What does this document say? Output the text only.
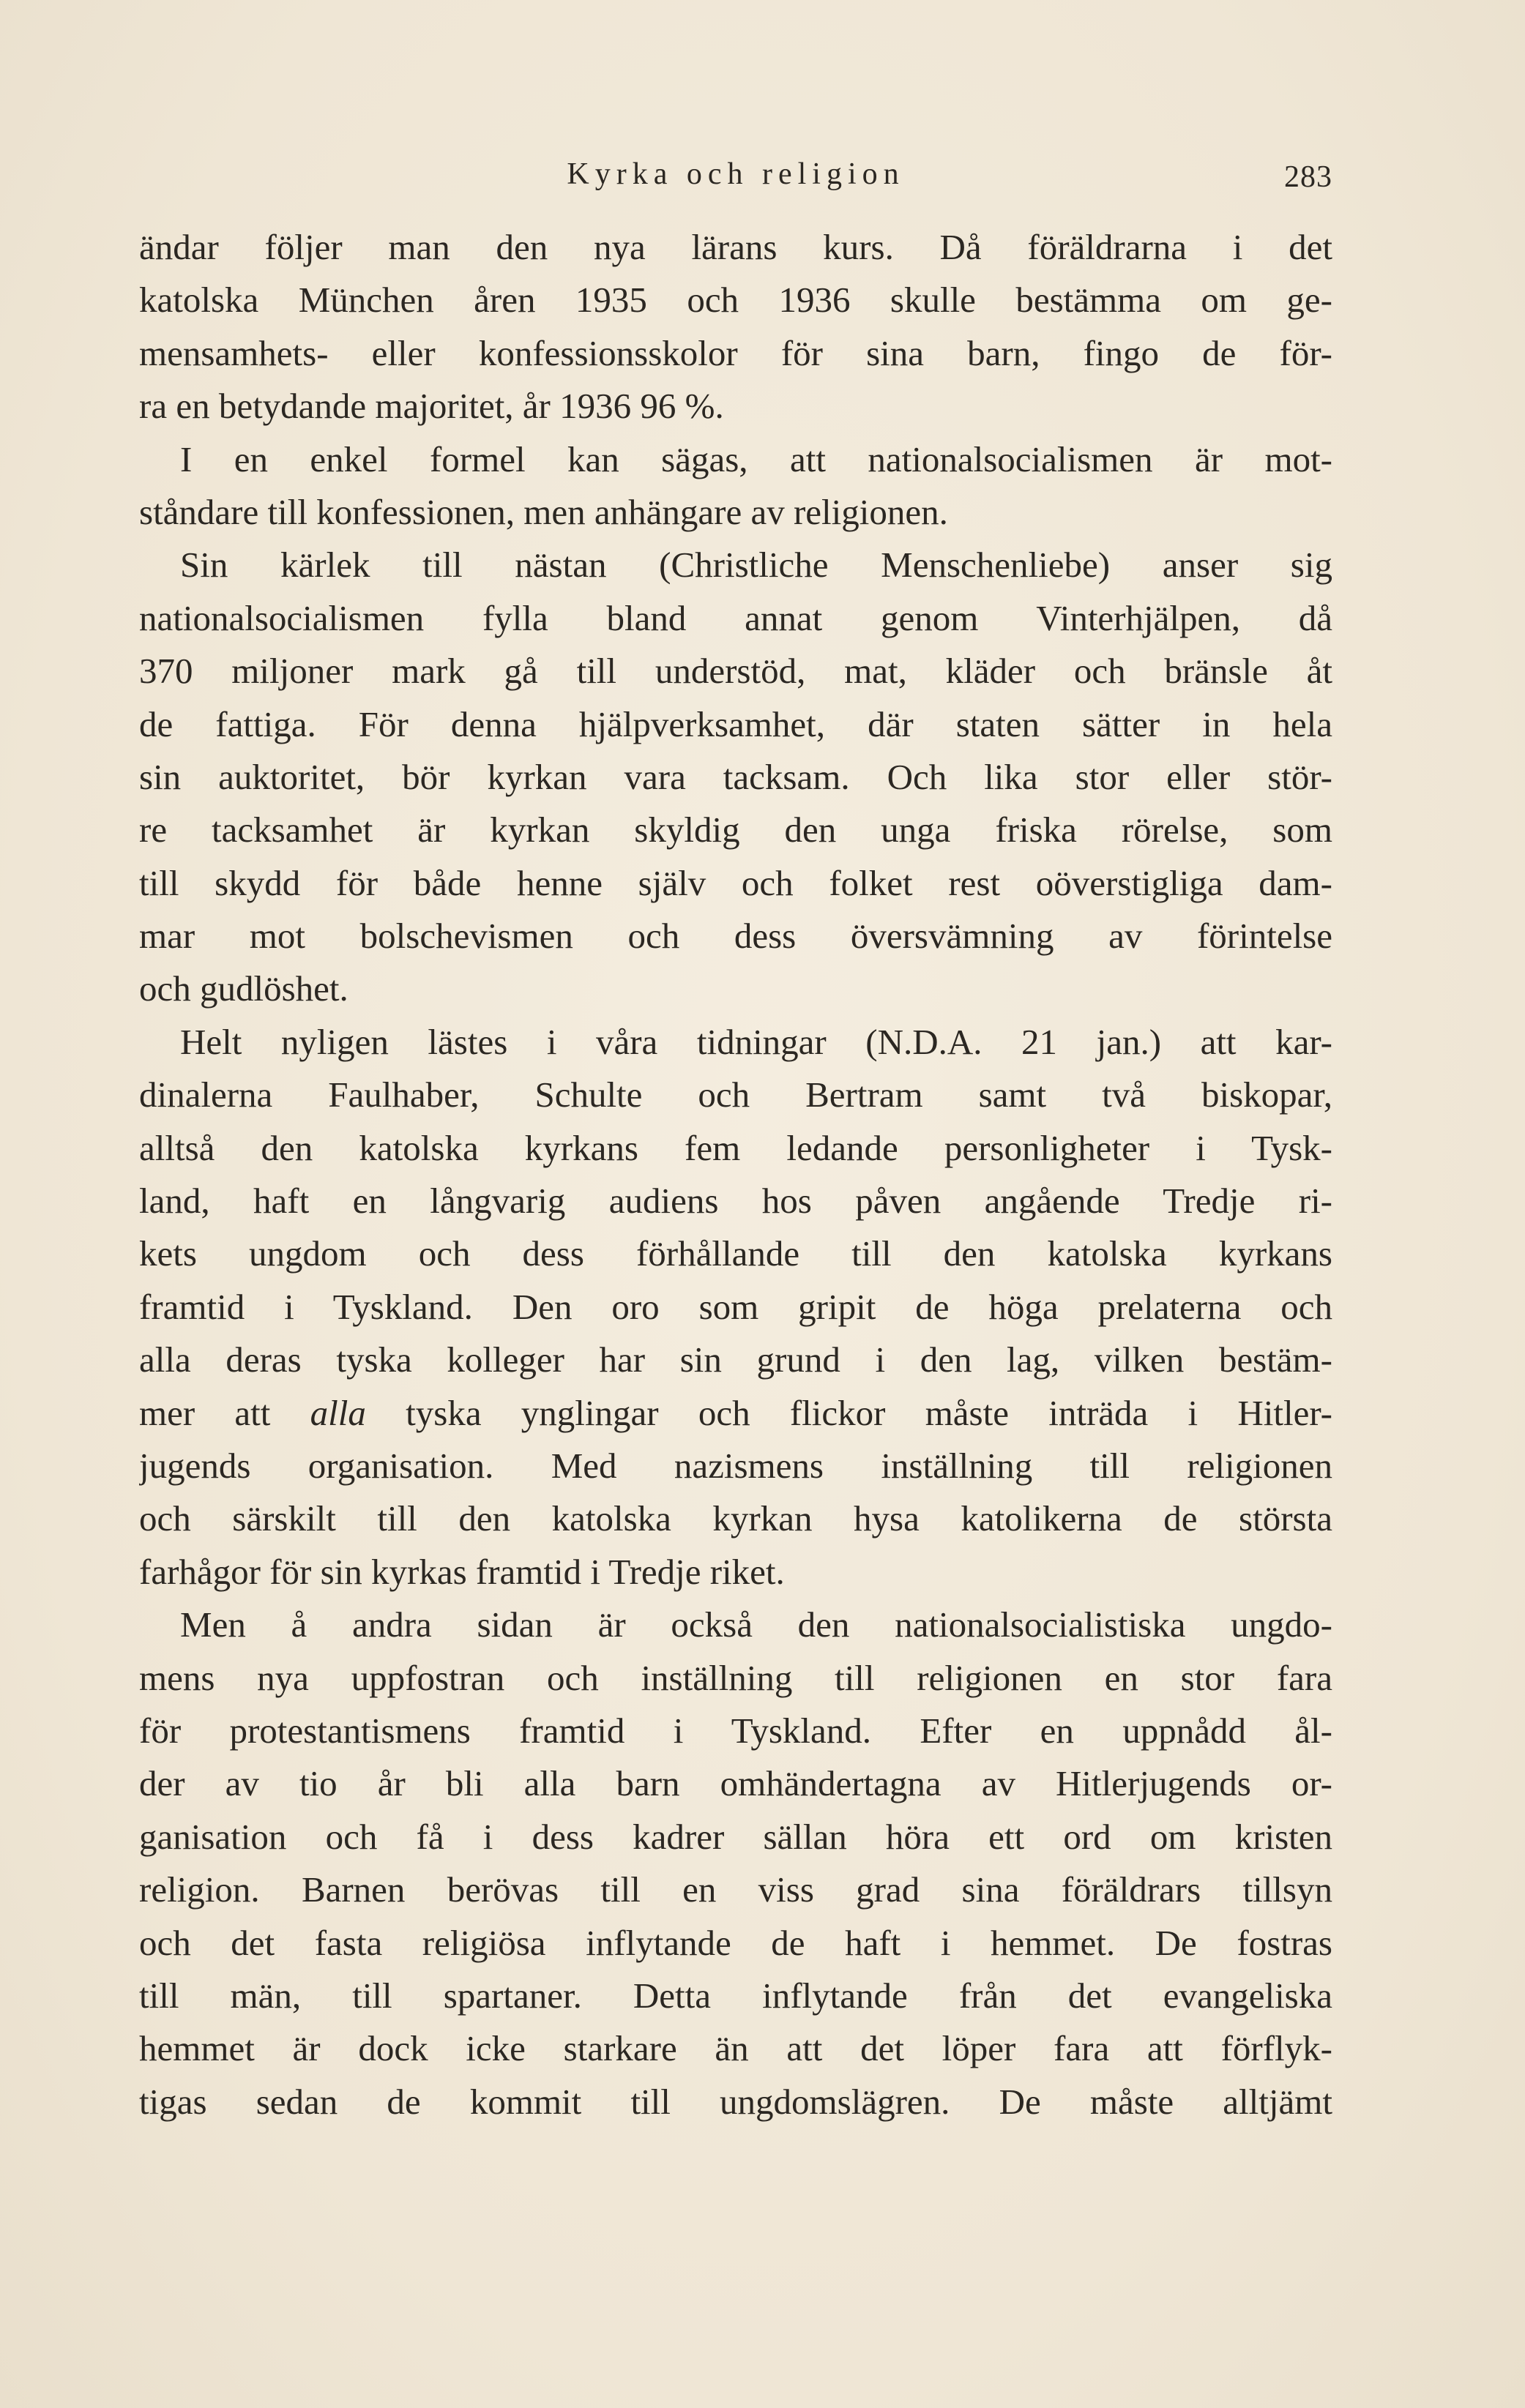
Kyrka och religion	283
ändar följer man den nya lärans kurs. Då föräldrarna i det
katolska München åren 1935 och 1936 skulle bestämma om ge-
mensamhets- eller konfessionsskolor för sina barn, fingo de för-
ra en betydande majoritet, år 1936 96 %.
I en enkel formel kan sägas, att nationalsocialismen är mot-
ståndare till konfessionen, men anhängare av religionen.
Sin kärlek till nästan (Christliche Menschenliebe) anser sig
nationalsocialismen fylla bland annat genom Vinterhjälpen, då
370 miljoner mark gå till understöd, mat, kläder och bränsle åt
de fattiga. För denna hjälpverksamhet, där staten sätter in hela
sin auktoritet, bör kyrkan vara tacksam. Och lika stor eller stör-
re tacksamhet är kyrkan skyldig den unga friska rörelse, som
till skydd för både henne själv och folket rest oöverstigliga dam-
mar mot bolschevismen och dess översvämning av förintelse
och gudlöshet.
Helt nyligen lästes i våra tidningar (N.D.A. 21 jan.) att kar-
dinalerna Faulhaber, Schulte och Bertram samt två biskopar,
alltså den katolska kyrkans fem ledande personligheter i Tysk-
land, haft en långvarig audiens hos påven angående Tredje ri-
kets ungdom och dess förhållande till den katolska kyrkans
framtid i Tyskland. Den oro som gripit de höga prelaterna och
alla deras tyska kolleger har sin grund i den lag, vilken bestäm-
mer att alla tyska ynglingar och flickor måste inträda i Hitler-
jugends organisation. Med nazismens inställning till religionen
och särskilt till den katolska kyrkan hysa katolikerna de största
farhågor för sin kyrkas framtid i Tredje riket.
Men å andra sidan är också den nationalsocialistiska ungdo-
mens nya uppfostran och inställning till religionen en stor fara
för protestantismens framtid i Tyskland. Efter en uppnådd ål-
der av tio år bli alla barn omhändertagna av Hitlerjugends or-
ganisation och få i dess kadrer sällan höra ett ord om kristen
religion. Barnen berövas till en viss grad sina föräldrars tillsyn
och det fasta religiösa inflytande de haft i hemmet. De fostras
till män, till spartaner. Detta inflytande från det evangeliska
hemmet är dock icke starkare än att det löper fara att förflyk-
tigas sedan de kommit till ungdomslägren. De måste alltjämt
